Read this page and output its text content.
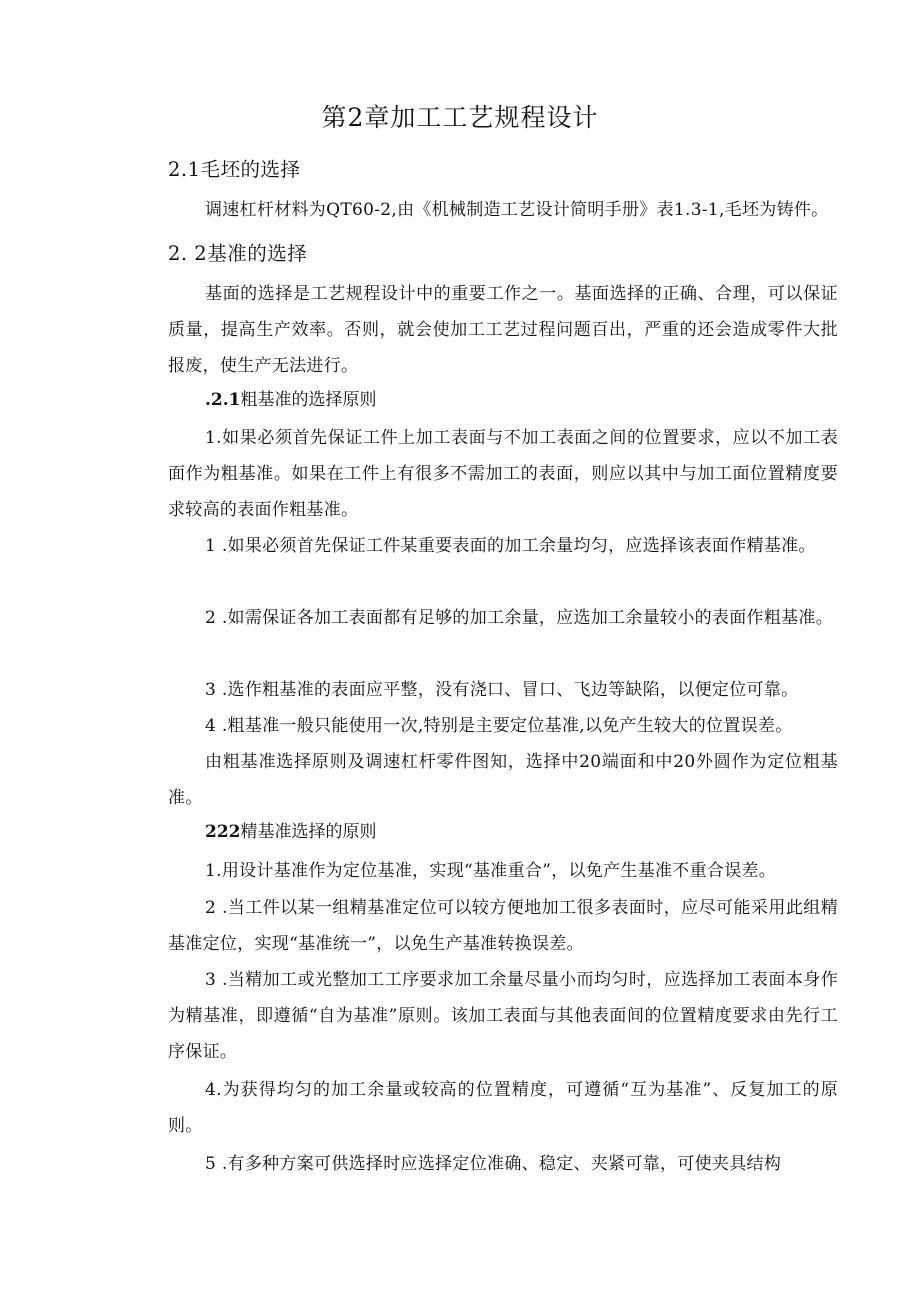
第2章加工工艺规程设计
2.1毛坯的选择

调速杠杆材料为QT60-2,由《机械制造工艺设计简明手册》表1.3-1,毛坯为铸件。

2. 2基准的选择

基面的选择是工艺规程设计中的重要工作之一。基面选择的正确、合理，可以保证质量，提高生产效率。否则，就会使加工工艺过程问题百出，严重的还会造成零件大批报废，使生产无法进行。

.2.1粗基准的选择原则

1.如果必须首先保证工件上加工表面与不加工表面之间的位置要求，应以不加工表面作为粗基准。如果在工件上有很多不需加工的表面，则应以其中与加工面位置精度要求较高的表面作粗基准。

1 .如果必须首先保证工件某重要表面的加工余量均匀，应选择该表面作精基准。

2 .如需保证各加工表面都有足够的加工余量，应选加工余量较小的表面作粗基准。

3 .选作粗基准的表面应平整，没有浇口、冒口、飞边等缺陷，以便定位可靠。

4 .粗基准一般只能使用一次,特别是主要定位基准,以免产生较大的位置误差。

由粗基准选择原则及调速杠杆零件图知，选择中20端面和中20外圆作为定位粗基准。

222精基准选择的原则

1.用设计基准作为定位基准，实现“基准重合”，以免产生基准不重合误差。

2 .当工件以某一组精基准定位可以较方便地加工很多表面时，应尽可能采用此组精基准定位，实现“基准统一”，以免生产基准转换误差。

3 .当精加工或光整加工工序要求加工余量尽量小而均匀时，应选择加工表面本身作为精基准，即遵循“自为基准”原则。该加工表面与其他表面间的位置精度要求由先行工序保证。

4.为获得均匀的加工余量或较高的位置精度，可遵循“互为基准”、反复加工的原则。

5 .有多种方案可供选择时应选择定位准确、稳定、夹紧可靠，可使夹具结构
